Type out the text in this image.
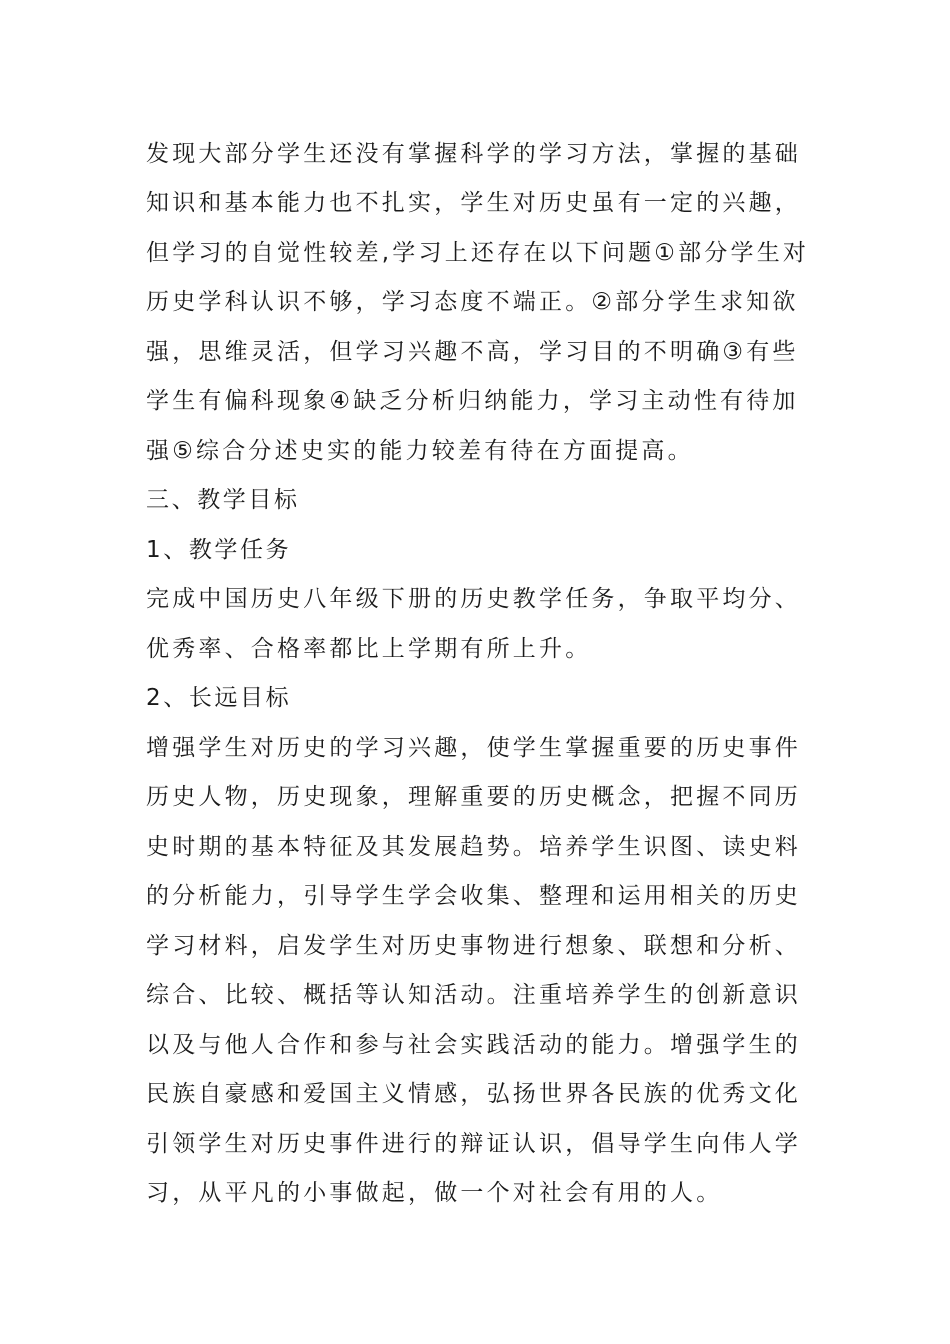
发现大部分学生还没有掌握科学的学习方法，掌握的基础

知识和基本能力也不扎实，学生对历史虽有一定的兴趣，

但学习的自觉性较差,学习上还存在以下问题①部分学生对

历史学科认识不够，学习态度不端正。②部分学生求知欲

强，思维灵活，但学习兴趣不高，学习目的不明确③有些

学生有偏科现象④缺乏分析归纳能力，学习主动性有待加

强⑤综合分述史实的能力较差有待在方面提高。

三、教学目标

1、教学任务

完成中国历史八年级下册的历史教学任务，争取平均分、

优秀率、合格率都比上学期有所上升。

2、长远目标

增强学生对历史的学习兴趣，使学生掌握重要的历史事件

历史人物，历史现象，理解重要的历史概念，把握不同历

史时期的基本特征及其发展趋势。培养学生识图、读史料

的分析能力，引导学生学会收集、整理和运用相关的历史

学习材料，启发学生对历史事物进行想象、联想和分析、

综合、比较、概括等认知活动。注重培养学生的创新意识

以及与他人合作和参与社会实践活动的能力。增强学生的

民族自豪感和爱国主义情感，弘扬世界各民族的优秀文化

引领学生对历史事件进行的辩证认识，倡导学生向伟人学

习，从平凡的小事做起，做一个对社会有用的人。
